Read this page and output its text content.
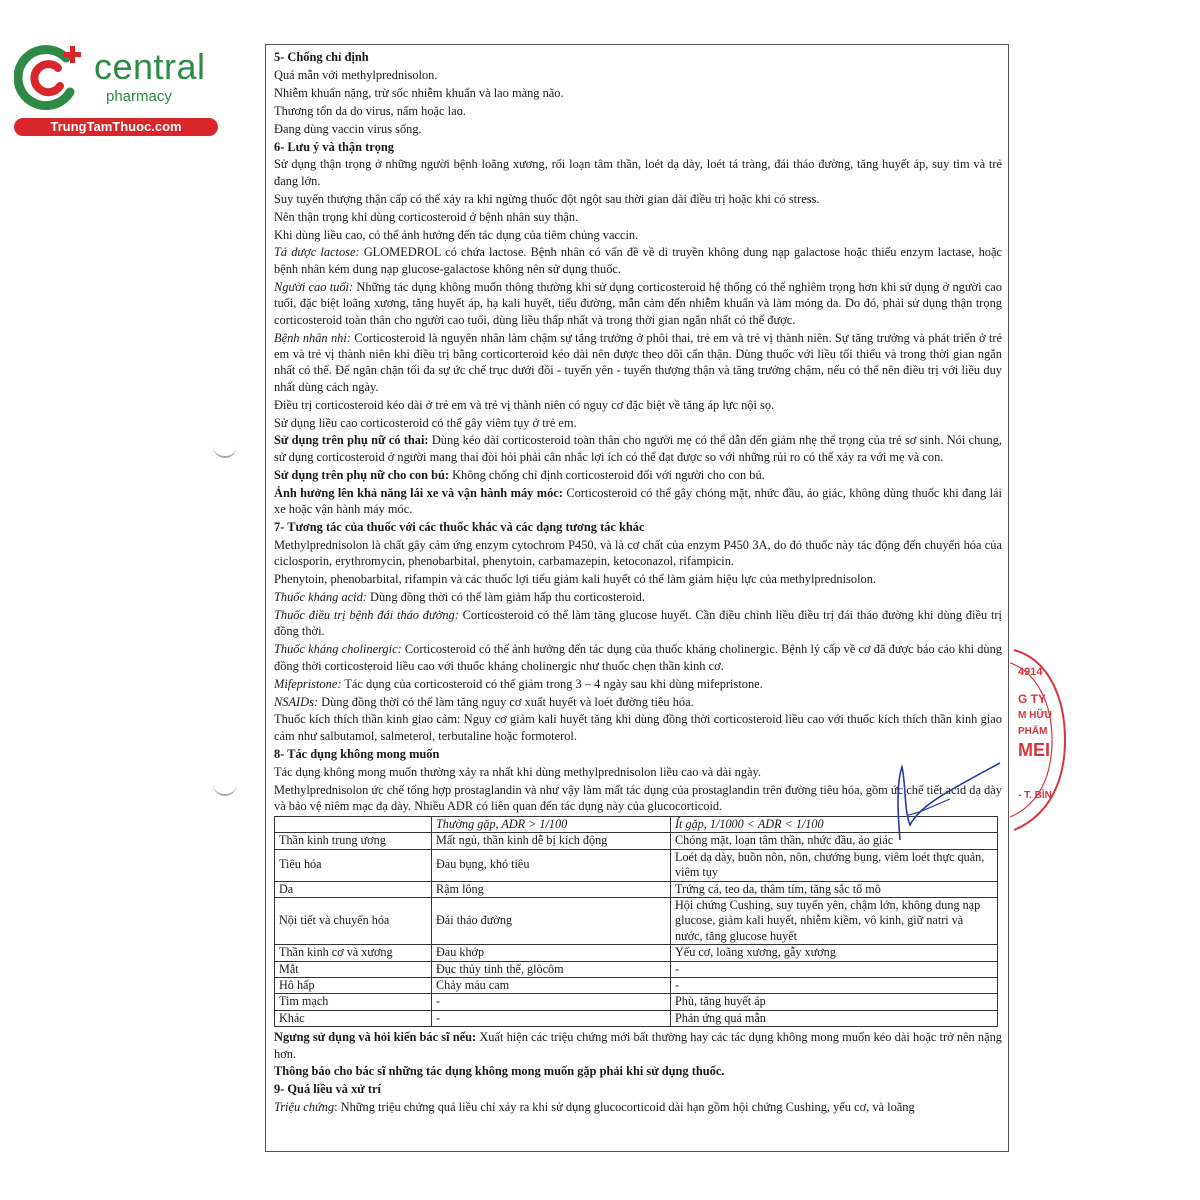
central
pharmacy
TrungTamThuoc.com

5- Chống chỉ định

Quá mẫn với methylprednisolon.

Nhiễm khuẩn nặng, trừ sốc nhiễm khuẩn và lao màng não.

Thương tổn da do virus, nấm hoặc lao.

Đang dùng vaccin virus sống.

6- Lưu ý và thận trọng

Sử dụng thận trọng ở những người bệnh loãng xương, rối loạn tâm thần, loét dạ dày, loét tá tràng, đái tháo đường, tăng huyết áp, suy tim và trẻ đang lớn.

Suy tuyến thượng thận cấp có thể xảy ra khi ngừng thuốc đột ngột sau thời gian dài điều trị hoặc khi có stress.

Nên thận trọng khi dùng corticosteroid ở bệnh nhân suy thận.

Khi dùng liều cao, có thể ảnh hưởng đến tác dụng của tiêm chủng vaccin.

Tá dược lactose: GLOMEDROL có chứa lactose. Bệnh nhân có vấn đề về di truyền không dung nạp galactose hoặc thiếu enzym lactase, hoặc bệnh nhân kém dung nạp glucose-galactose không nên sử dụng thuốc.

Người cao tuổi: Những tác dụng không muốn thông thường khi sử dụng corticosteroid hệ thống có thể nghiêm trọng hơn khi sử dụng ở người cao tuổi, đặc biệt loãng xương, tăng huyết áp, hạ kali huyết, tiểu đường, mẫn cảm đến nhiễm khuẩn và làm mỏng da. Do đó, phải sử dụng thận trọng corticosteroid toàn thân cho người cao tuổi, dùng liều thấp nhất và trong thời gian ngắn nhất có thể được.

Bệnh nhân nhi: Corticosteroid là nguyên nhân làm chậm sự tăng trưởng ở phôi thai, trẻ em và trẻ vị thành niên. Sự tăng trưởng và phát triển ở trẻ em và trẻ vị thành niên khi điều trị bằng corticorteroid kéo dài nên được theo dõi cẩn thận. Dùng thuốc với liều tối thiểu và trong thời gian ngắn nhất có thể. Để ngăn chặn tối đa sự ức chế trục dưới đồi - tuyến yên - tuyến thượng thận và tăng trưởng chậm, nếu có thể nên điều trị với liều duy nhất dùng cách ngày.

Điều trị corticosteroid kéo dài ở trẻ em và trẻ vị thành niên có nguy cơ đặc biệt về tăng áp lực nội sọ.

Sử dụng liều cao corticosteroid có thể gây viêm tụy ở trẻ em.

Sử dụng trên phụ nữ có thai: Dùng kéo dài corticosteroid toàn thân cho người mẹ có thể dẫn đến giảm nhẹ thể trọng của trẻ sơ sinh. Nói chung, sử dụng corticosteroid ở người mang thai đòi hỏi phải cân nhắc lợi ích có thể đạt được so với những rủi ro có thể xảy ra với mẹ và con.

Sử dụng trên phụ nữ cho con bú: Không chống chỉ định corticosteroid đối với người cho con bú.

Ảnh hưởng lên khả năng lái xe và vận hành máy móc: Corticosteroid có thể gây chóng mặt, nhức đầu, ảo giác, không dùng thuốc khi đang lái xe hoặc vận hành máy móc.

7- Tương tác của thuốc với các thuốc khác và các dạng tương tác khác

Methylprednisolon là chất gây cảm ứng enzym cytochrom P450, và là cơ chất của enzym P450 3A, do đó thuốc này tác động đến chuyển hóa của ciclosporin, erythromycin, phenobarbital, phenytoin, carbamazepin, ketoconazol, rifampicin.

Phenytoin, phenobarbital, rifampin và các thuốc lợi tiểu giảm kali huyết có thể làm giảm hiệu lực của methylprednisolon.

Thuốc kháng acid: Dùng đồng thời có thể làm giảm hấp thu corticosteroid.

Thuốc điều trị bệnh đái tháo đường: Corticosteroid có thể làm tăng glucose huyết. Cần điều chỉnh liều điều trị đái tháo đường khi dùng điều trị đồng thời.

Thuốc kháng cholinergic: Corticosteroid có thể ảnh hưởng đến tác dụng của thuốc kháng cholinergic. Bệnh lý cấp về cơ đã được báo cáo khi dùng đồng thời corticosteroid liều cao với thuốc kháng cholinergic như thuốc chẹn thần kinh cơ.

Mifepristone: Tác dụng của corticosteroid có thể giảm trong 3 – 4 ngày sau khi dùng mifepristone.

NSAIDs: Dùng đồng thời có thể làm tăng nguy cơ xuất huyết và loét đường tiêu hóa.

Thuốc kích thích thần kinh giao cảm: Nguy cơ giảm kali huyết tăng khi dùng đồng thời corticosteroid liều cao với thuốc kích thích thần kinh giao cảm như salbutamol, salmeterol, terbutaline hoặc formoterol.

8- Tác dụng không mong muốn

Tác dụng không mong muốn thường xảy ra nhất khi dùng methylprednisolon liều cao và dài ngày.

Methylprednisolon ức chế tổng hợp prostaglandin và như vậy làm mất tác dụng của prostaglandin trên đường tiêu hóa, gồm ức chế tiết acid dạ dày và bảo vệ niêm mạc dạ dày. Nhiều ADR có liên quan đến tác dụng này của glucocorticoid.

	Thường gặp, ADR > 1/100	Ít gặp, 1/1000 < ADR < 1/100
Thần kinh trung ương	Mất ngủ, thần kinh dễ bị kích động	Chóng mặt, loạn tâm thần, nhức đầu, ảo giác
Tiêu hóa	Đau bụng, khó tiêu	Loét dạ dày, buồn nôn, nôn, chướng bụng, viêm loét thực quản, viêm tụy
Da	Rậm lông	Trứng cá, teo da, thâm tím, tăng sắc tố mô
Nội tiết và chuyển hóa	Đái tháo đường	Hội chứng Cushing, suy tuyến yên, chậm lớn, không dung nạp glucose, giảm kali huyết, nhiễm kiềm, vô kinh, giữ natri và nước, tăng glucose huyết
Thần kinh cơ và xương	Đau khớp	Yếu cơ, loãng xương, gẫy xương
Mắt	Đục thủy tinh thể, glôcôm	-
Hô hấp	Chảy máu cam	-
Tim mạch	-	Phù, tăng huyết áp
Khác	-	Phản ứng quá mẫn

Ngưng sử dụng và hỏi kiến bác sĩ nếu: Xuất hiện các triệu chứng mới bất thường hay các tác dụng không mong muốn kéo dài hoặc trở nên nặng hơn.

Thông báo cho bác sĩ những tác dụng không mong muốn gặp phải khi sử dụng thuốc.

9- Quá liều và xử trí

Triệu chứng: Những triệu chứng quá liều chỉ xảy ra khi sử dụng glucocorticoid dài hạn gồm hội chứng Cushing, yếu cơ, và loãng

4914
G TY
M HỮU
PHẨM
MEI
- T. BÌN
